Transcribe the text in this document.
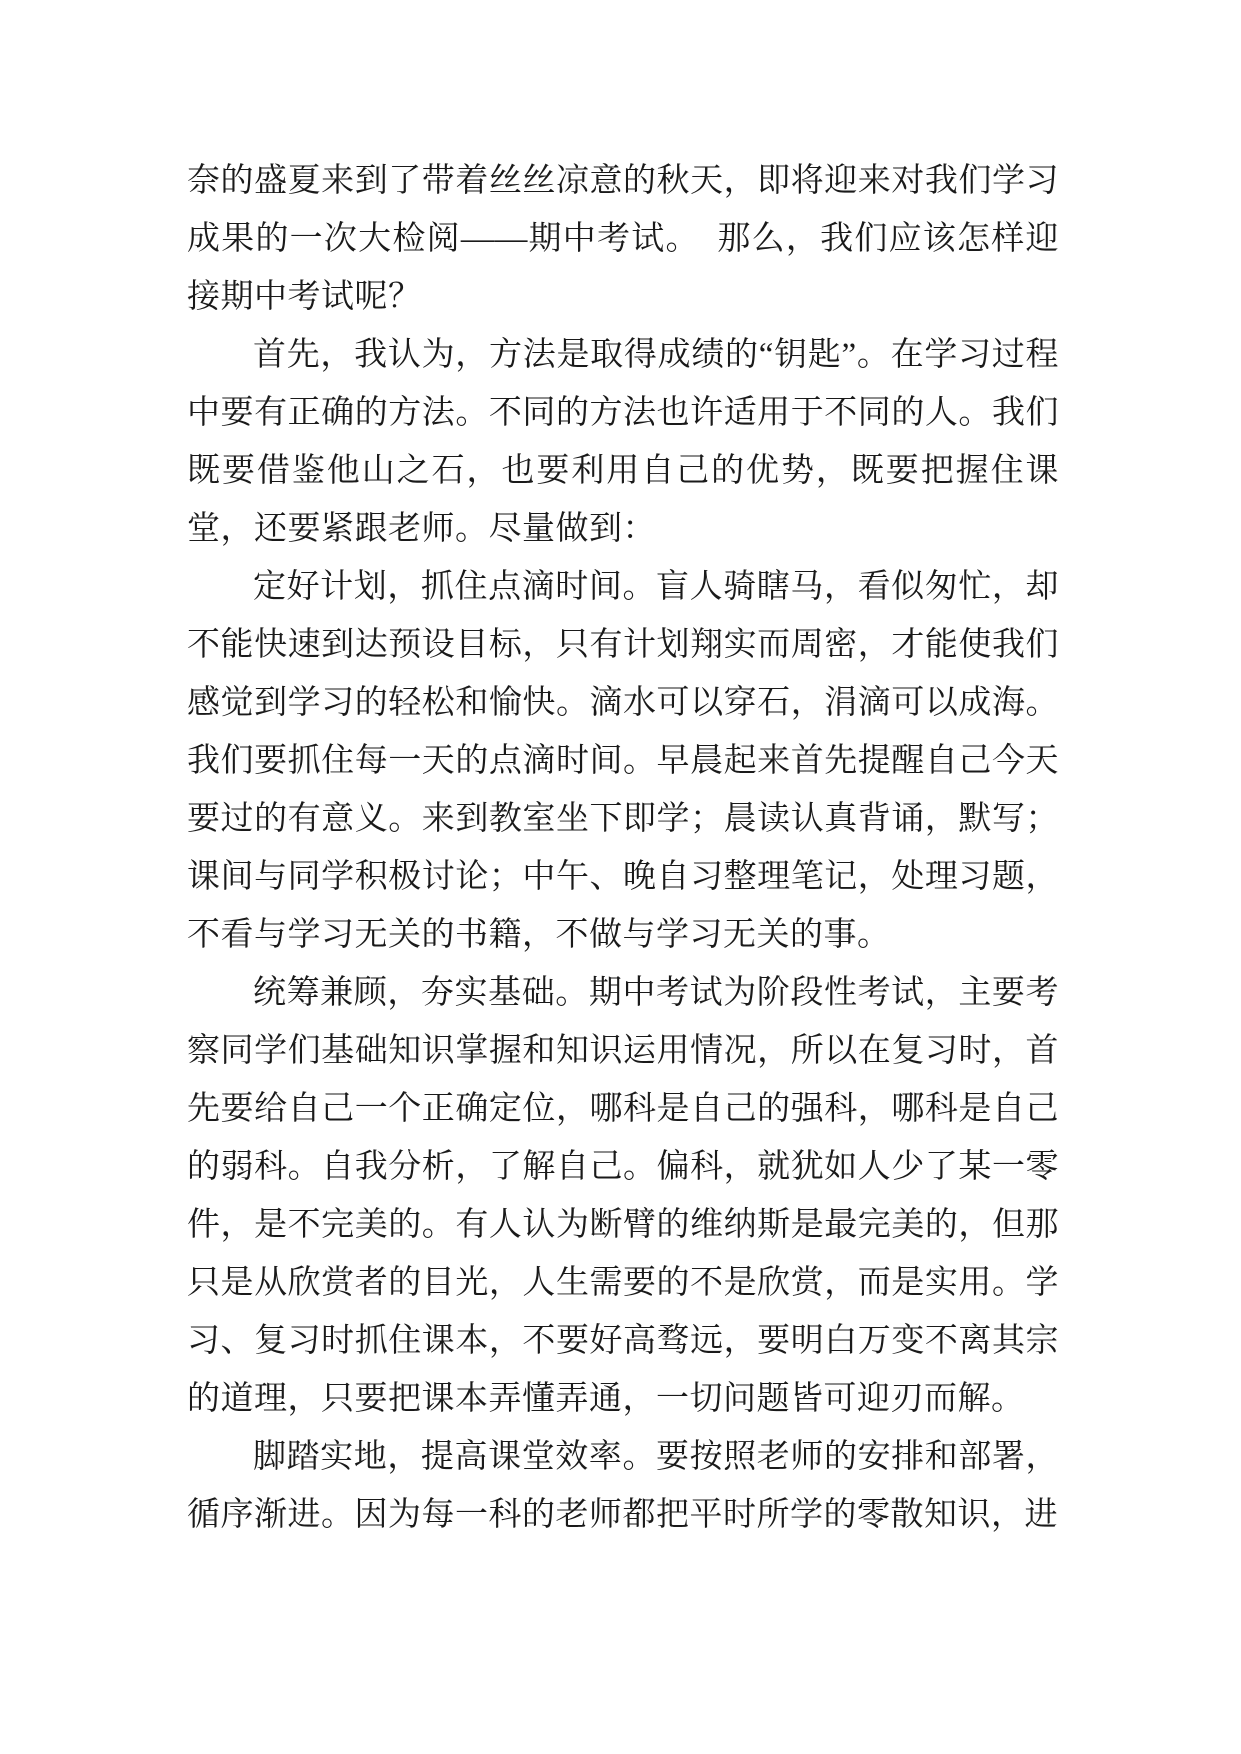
奈的盛夏来到了带着丝丝凉意的秋天，即将迎来对我们学习成果的一次大检阅——期中考试。　那么，我们应该怎样迎接期中考试呢？

首先，我认为，方法是取得成绩的“钥匙”。在学习过程中要有正确的方法。不同的方法也许适用于不同的人。我们既要借鉴他山之石，也要利用自己的优势，既要把握住课堂，还要紧跟老师。尽量做到：

定好计划，抓住点滴时间。盲人骑瞎马，看似匆忙，却不能快速到达预设目标，只有计划翔实而周密，才能使我们感觉到学习的轻松和愉快。滴水可以穿石，涓滴可以成海。我们要抓住每一天的点滴时间。早晨起来首先提醒自己今天要过的有意义。来到教室坐下即学；晨读认真背诵，默写；课间与同学积极讨论；中午、晚自习整理笔记，处理习题，不看与学习无关的书籍，不做与学习无关的事。

统筹兼顾，夯实基础。期中考试为阶段性考试，主要考察同学们基础知识掌握和知识运用情况，所以在复习时，首先要给自己一个正确定位，哪科是自己的强科，哪科是自己的弱科。自我分析，了解自己。偏科，就犹如人少了某一零件，是不完美的。有人认为断臂的维纳斯是最完美的，但那只是从欣赏者的目光，人生需要的不是欣赏，而是实用。学习、复习时抓住课本，不要好高骛远，要明白万变不离其宗的道理，只要把课本弄懂弄通，一切问题皆可迎刃而解。

脚踏实地，提高课堂效率。要按照老师的安排和部署，循序渐进。因为每一科的老师都把平时所学的零散知识，进
